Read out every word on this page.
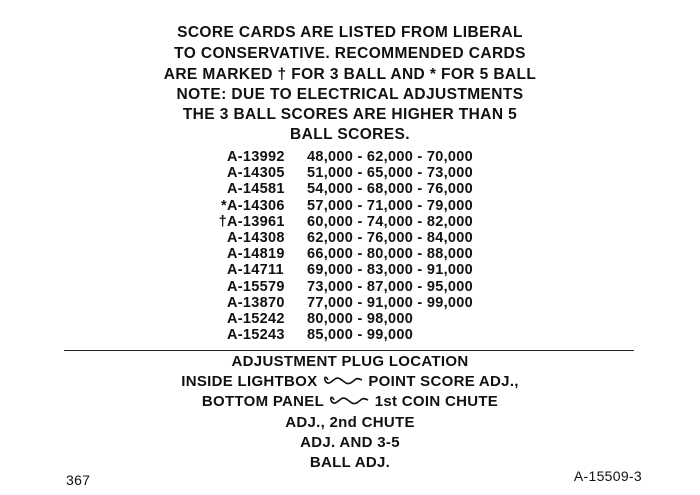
SCORE CARDS ARE LISTED FROM LIBERAL
TO CONSERVATIVE. RECOMMENDED CARDS
ARE MARKED † FOR 3 BALL AND * FOR 5 BALL
NOTE: DUE TO ELECTRICAL ADJUSTMENTS
THE 3 BALL SCORES ARE HIGHER THAN 5
BALL SCORES.
A-13992 48,000 - 62,000 - 70,000
A-14305 51,000 - 65,000 - 73,000
A-14581 54,000 - 68,000 - 76,000
*A-14306 57,000 - 71,000 - 79,000
†A-13961 60,000 - 74,000 - 82,000
A-14308 62,000 - 76,000 - 84,000
A-14819 66,000 - 80,000 - 88,000
A-14711 69,000 - 83,000 - 91,000
A-15579 73,000 - 87,000 - 95,000
A-13870 77,000 - 91,000 - 99,000
A-15242 80,000 - 98,000
A-15243 85,000 - 99,000
ADJUSTMENT PLUG LOCATION
INSIDE LIGHTBOX	POINT SCORE ADJ.,
BOTTOM PANEL	1st COIN CHUTE
ADJ., 2nd CHUTE
ADJ. AND 3-5
BALL ADJ.
367	A-15509-3
